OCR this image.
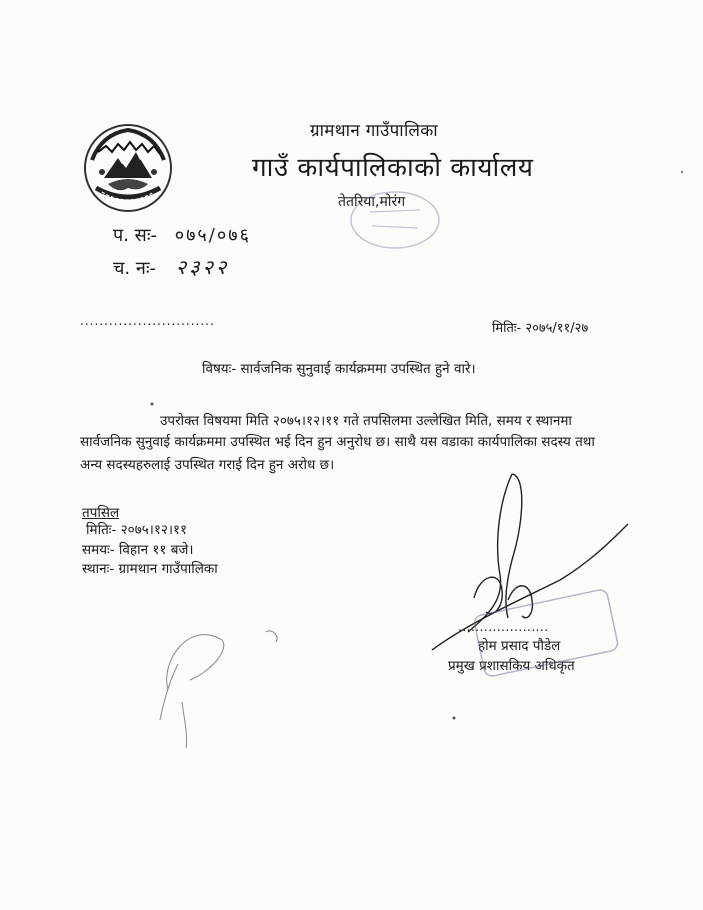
ग्रामथान गाउँपालिका
गाउँ कार्यपालिकाको कार्यालय
तेतरिया,मोरंग
प. सः- ०७५/०७६
च. नः- २३२२
............................	मितिः- २०७५/११/२७
विषयः- सार्वजनिक सुनुवाई कार्यक्रममा उपस्थित हुने वारे।
उपरोक्त विषयमा मिति २०७५।१२।११ गते तपसिलमा उल्लेखित मिति, समय र स्थानमा
सार्वजनिक सुनुवाई कार्यक्रममा उपस्थित भई दिन हुन अनुरोध छ। साथै यस वडाका कार्यपालिका सदस्य तथा
अन्य सदस्यहरुलाई उपस्थित गराई दिन हुन अरोध छ।
तपसिल
मितिः- २०७५।१२।११
समयः- विहान ११ बजे।
स्थानः- ग्रामथान गाउँपालिका
.....................
होम प्रसाद पौडेल
प्रमुख प्रशासकिय अधिकृत
